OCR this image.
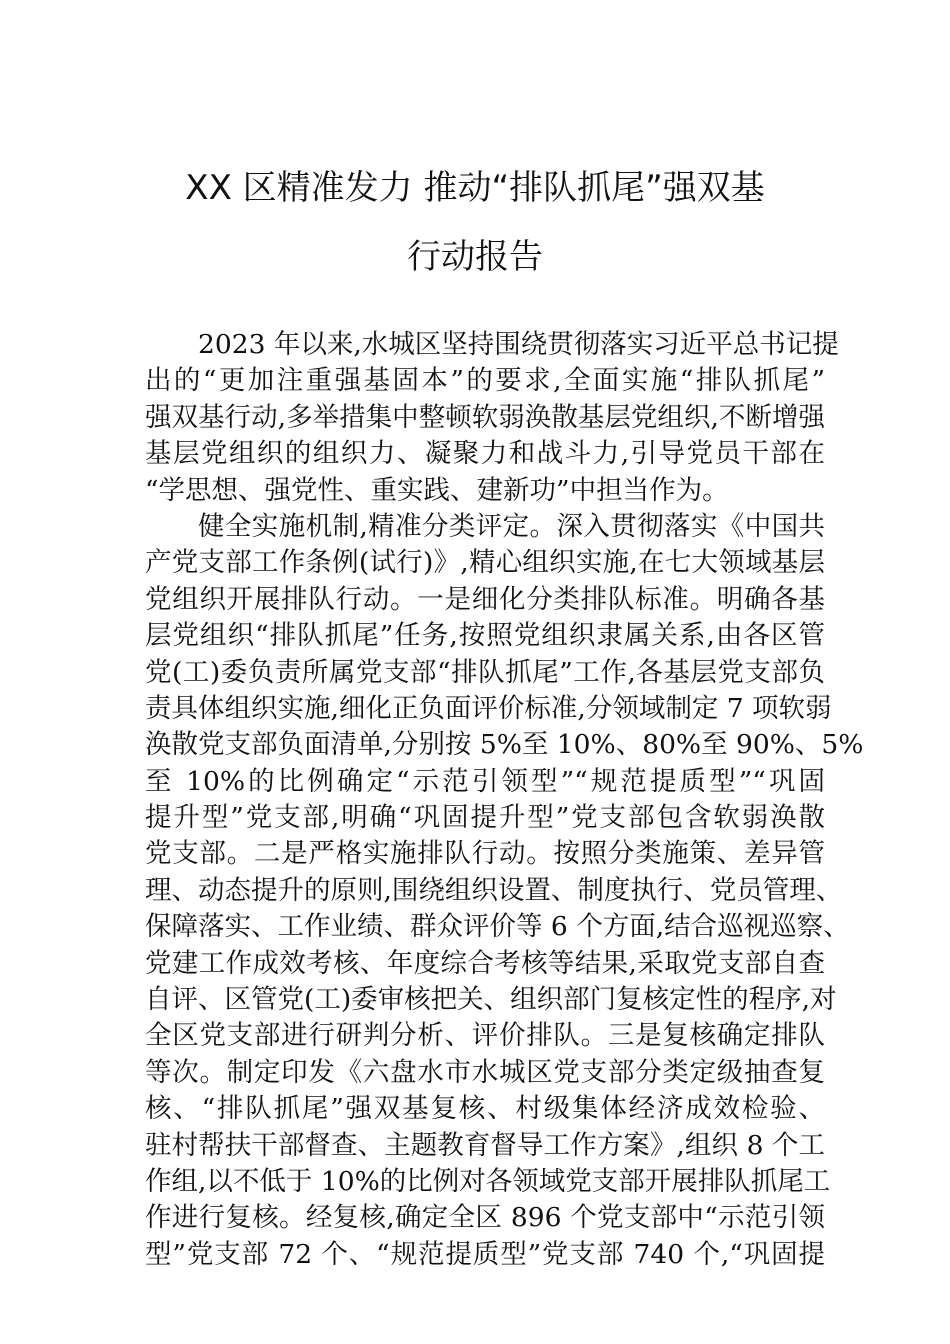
XX 区精准发力 推动“排队抓尾”强双基
行动报告
2023 年以来,水城区坚持围绕贯彻落实习近平总书记提
出的“更加注重强基固本”的要求,全面实施“排队抓尾”
强双基行动,多举措集中整顿软弱涣散基层党组织,不断增强
基层党组织的组织力、凝聚力和战斗力,引导党员干部在
“学思想、强党性、重实践、建新功”中担当作为。
健全实施机制,精准分类评定。深入贯彻落实《中国共
产党支部工作条例(试行)》,精心组织实施,在七大领域基层
党组织开展排队行动。一是细化分类排队标准。明确各基
层党组织“排队抓尾”任务,按照党组织隶属关系,由各区管
党(工)委负责所属党支部“排队抓尾”工作,各基层党支部负
责具体组织实施,细化正负面评价标准,分领域制定 7 项软弱
涣散党支部负面清单,分别按 5%至 10%、80%至 90%、5%
至 10%的比例确定“示范引领型”“规范提质型”“巩固
提升型”党支部,明确“巩固提升型”党支部包含软弱涣散
党支部。二是严格实施排队行动。按照分类施策、差异管
理、动态提升的原则,围绕组织设置、制度执行、党员管理、
保障落实、工作业绩、群众评价等 6 个方面,结合巡视巡察、
党建工作成效考核、年度综合考核等结果,采取党支部自查
自评、区管党(工)委审核把关、组织部门复核定性的程序,对
全区党支部进行研判分析、评价排队。三是复核确定排队
等次。制定印发《六盘水市水城区党支部分类定级抽查复
核、“排队抓尾”强双基复核、村级集体经济成效检验、
驻村帮扶干部督查、主题教育督导工作方案》,组织 8 个工
作组,以不低于 10%的比例对各领域党支部开展排队抓尾工
作进行复核。经复核,确定全区 896 个党支部中“示范引领
型”党支部 72 个、“规范提质型”党支部 740 个,“巩固提
